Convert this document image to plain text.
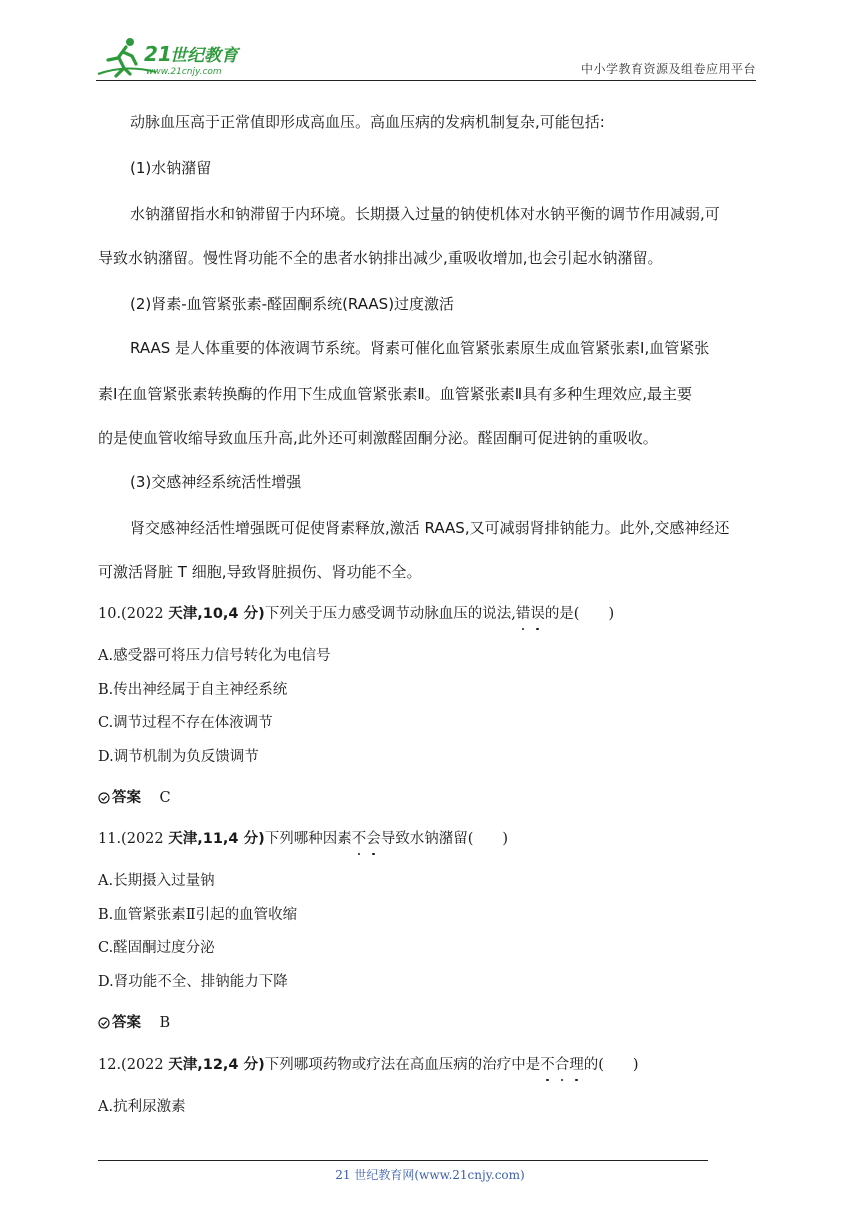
21
世纪教育
www.21cnjy.com	中小学教育资源及组卷应用平台
动脉血压高于正常值即形成高血压。高血压病的发病机制复杂,可能包括:
(1)水钠潴留
水钠潴留指水和钠滞留于内环境。长期摄入过量的钠使机体对水钠平衡的调节作用减弱,可
导致水钠潴留。慢性肾功能不全的患者水钠排出减少,重吸收增加,也会引起水钠潴留。
(2)肾素-血管紧张素-醛固酮系统(RAAS)过度激活
RAAS 是人体重要的体液调节系统。肾素可催化血管紧张素原生成血管紧张素Ⅰ,血管紧张
素Ⅰ在血管紧张素转换酶的作用下生成血管紧张素Ⅱ。血管紧张素Ⅱ具有多种生理效应,最主要
的是使血管收缩导致血压升高,此外还可刺激醛固酮分泌。醛固酮可促进钠的重吸收。
(3)交感神经系统活性增强
肾交感神经活性增强既可促使肾素释放,激活 RAAS,又可减弱肾排钠能力。此外,交感神经还
可激活肾脏 T 细胞,导致肾脏损伤、肾功能不全。
10.(2022 天津,10,4 分)下列关于压力感受调节动脉血压的说法,错误的是(　　)
A.感受器可将压力信号转化为电信号
B.传出神经属于自主神经系统
C.调节过程不存在体液调节
D.调节机制为负反馈调节
答案 C
11.(2022 天津,11,4 分)下列哪种因素不会导致水钠潴留(　　)
A.长期摄入过量钠
B.血管紧张素Ⅱ引起的血管收缩
C.醛固酮过度分泌
D.肾功能不全、排钠能力下降
答案 B
12.(2022 天津,12,4 分)下列哪项药物或疗法在高血压病的治疗中是不合理的(　　)
A.抗利尿激素
21 世纪教育网(www.21cnjy.com)
